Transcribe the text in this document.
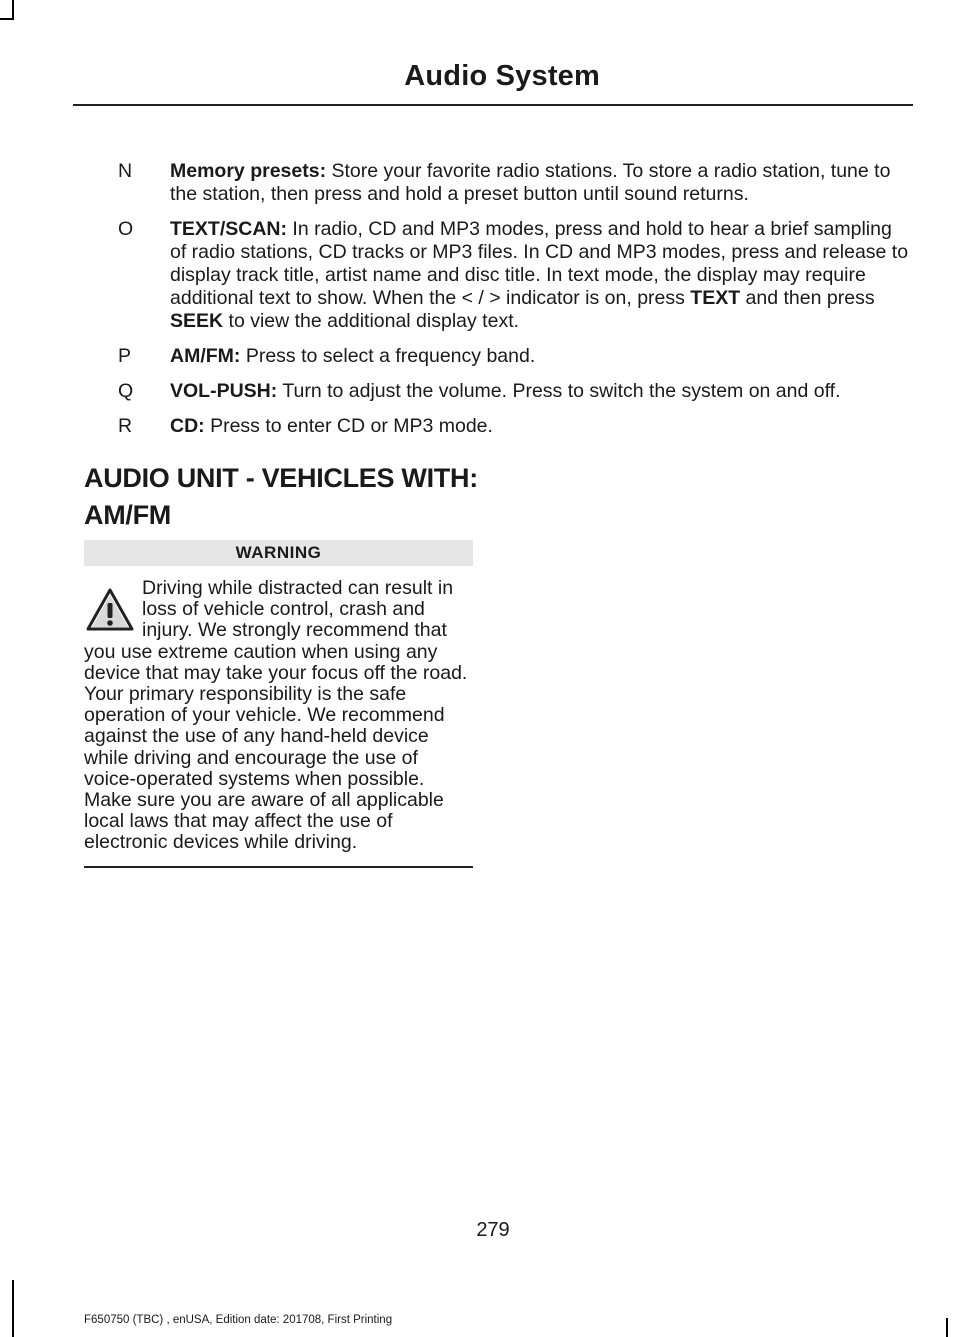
Audio System
N	Memory presets: Store your favorite radio stations. To store a radio station, tune to the station, then press and hold a preset button until sound returns.
O	TEXT/SCAN: In radio, CD and MP3 modes, press and hold to hear a brief sampling of radio stations, CD tracks or MP3 files. In CD and MP3 modes, press and release to display track title, artist name and disc title. In text mode, the display may require additional text to show. When the < / > indicator is on, press TEXT and then press SEEK to view the additional display text.
P	AM/FM: Press to select a frequency band.
Q	VOL-PUSH: Turn to adjust the volume. Press to switch the system on and off.
R	CD: Press to enter CD or MP3 mode.
AUDIO UNIT - VEHICLES WITH:
AM/FM
WARNING
Driving while distracted can result in loss of vehicle control, crash and injury. We strongly recommend that you use extreme caution when using any device that may take your focus off the road. Your primary responsibility is the safe operation of your vehicle. We recommend against the use of any hand-held device while driving and encourage the use of voice-operated systems when possible. Make sure you are aware of all applicable local laws that may affect the use of electronic devices while driving.
279
F650750 (TBC) , enUSA, Edition date: 201708, First Printing
